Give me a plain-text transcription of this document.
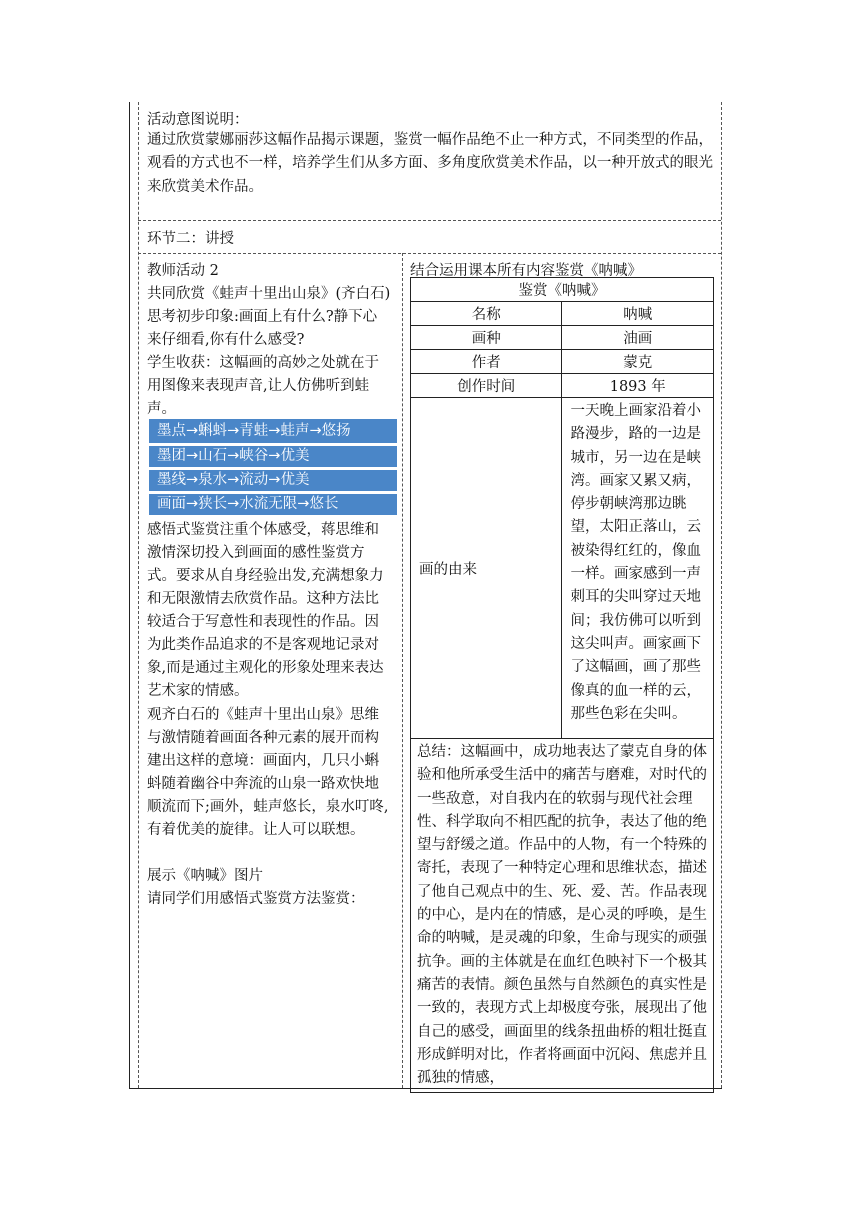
活动意图说明：
通过欣赏蒙娜丽莎这幅作品揭示课题，鉴赏一幅作品绝不止一种方式，不同类型的作品，观看的方式也不一样，培养学生们从多方面、多角度欣赏美术作品，以一种开放式的眼光来欣赏美术作品。
环节二：讲授
教师活动 2
共同欣赏《蛙声十里出山泉》(齐白石)
思考初步印象:画面上有什么?静下心
来仔细看,你有什么感受?
学生收获：这幅画的高妙之处就在于
用图像来表现声音,让人仿佛听到蛙
声。
墨点→蝌蚪→青蛙→蛙声→悠扬
墨团→山石→峡谷→优美
墨线→泉水→流动→优美
画面→狭长→水流无限→悠长
感悟式鉴赏注重个体感受，蒋思维和
激情深切投入到画面的感性鉴赏方
式。要求从自身经验出发,充满想象力
和无限激情去欣赏作品。这种方法比
较适合于写意性和表现性的作品。因
为此类作品追求的不是客观地记录对
象,而是通过主观化的形象处理来表达
艺术家的情感。
观齐白石的《蛙声十里出山泉》思维
与激情随着画面各种元素的展开而构
建出这样的意境：画面内，几只小蝌
蚪随着幽谷中奔流的山泉一路欢快地
顺流而下;画外，蛙声悠长，泉水叮咚,
有着优美的旋律。让人可以联想。
展示《呐喊》图片
请同学们用感悟式鉴赏方法鉴赏：
结合运用课本所有内容鉴赏《呐喊》
鉴赏《呐喊》	
名称	呐喊
画种	油画
作者	蒙克
创作时间	1893 年
画的由来	一天晚上画家沿着小路漫步，路的一边是城市，另一边在是峡湾。画家又累又病，停步朝峡湾那边眺望，太阳正落山，云被染得红红的，像血一样。画家感到一声刺耳的尖叫穿过天地间；我仿佛可以听到这尖叫声。画家画下了这幅画，画了那些像真的血一样的云，那些色彩在尖叫。
总结：这幅画中，成功地表达了蒙克自身的体验和他所承受生活中的痛苦与磨难，对时代的一些敌意，对自我内在的软弱与现代社会理性、科学取向不相匹配的抗争，表达了他的绝望与舒缓之道。作品中的人物，有一个特殊的寄托，表现了一种特定心理和思维状态，描述了他自己观点中的生、死、爱、苦。作品表现的中心，是内在的情感，是心灵的呼唤，是生命的呐喊，是灵魂的印象，生命与现实的顽强抗争。画的主体就是在血红色映衬下一个极其痛苦的表情。颜色虽然与自然颜色的真实性是一致的，表现方式上却极度夸张，展现出了他自己的感受，画面里的线条扭曲桥的粗壮挺直形成鲜明对比，作者将画面中沉闷、焦虑并且孤独的情感，	
